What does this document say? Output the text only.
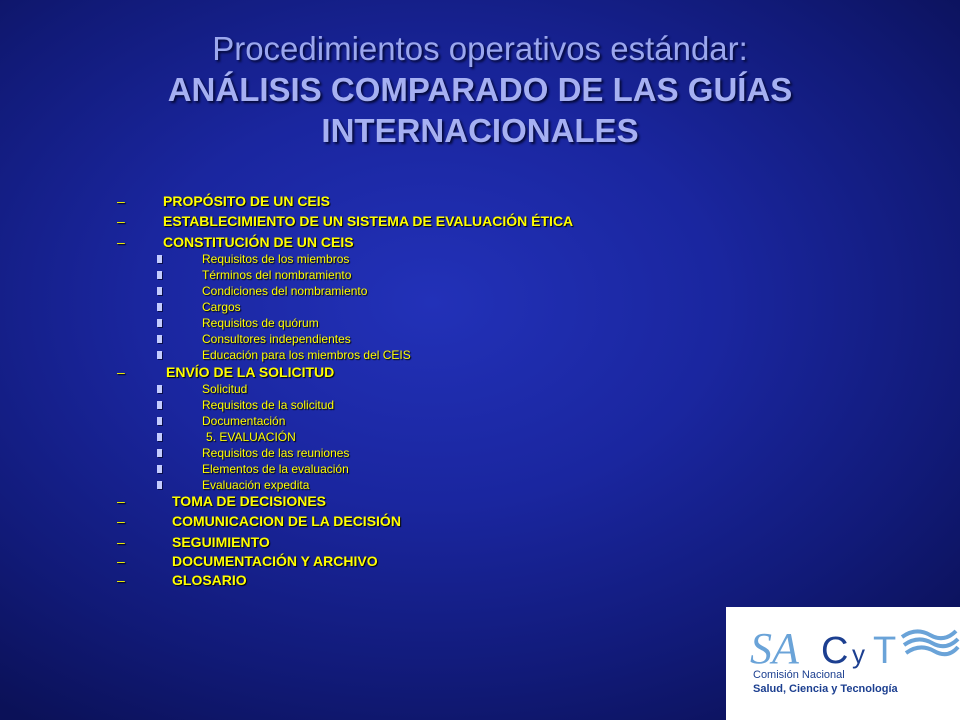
Procedimientos operativos estándar:
ANÁLISIS COMPARADO DE LAS GUÍAS
INTERNACIONALES
–	PROPÓSITO DE UN CEIS
–	ESTABLECIMIENTO DE UN SISTEMA DE EVALUACIÓN ÉTICA
–	CONSTITUCIÓN DE UN CEIS
Requisitos de los miembros
Términos del nombramiento
Condiciones del nombramiento
Cargos
Requisitos de quórum
Consultores independientes
Educación para los miembros del CEIS
–	ENVÍO DE LA SOLICITUD
Solicitud
Requisitos de la solicitud
Documentación
5. EVALUACIÓN
Requisitos de las reuniones
Elementos de la evaluación
Evaluación expedita
–	TOMA DE DECISIONES
–	COMUNICACION DE LA DECISIÓN
–	SEGUIMIENTO
–	DOCUMENTACIÓN Y ARCHIVO
–	GLOSARIO
SA C y T
Comisión Nacional
Salud, Ciencia y Tecnología
